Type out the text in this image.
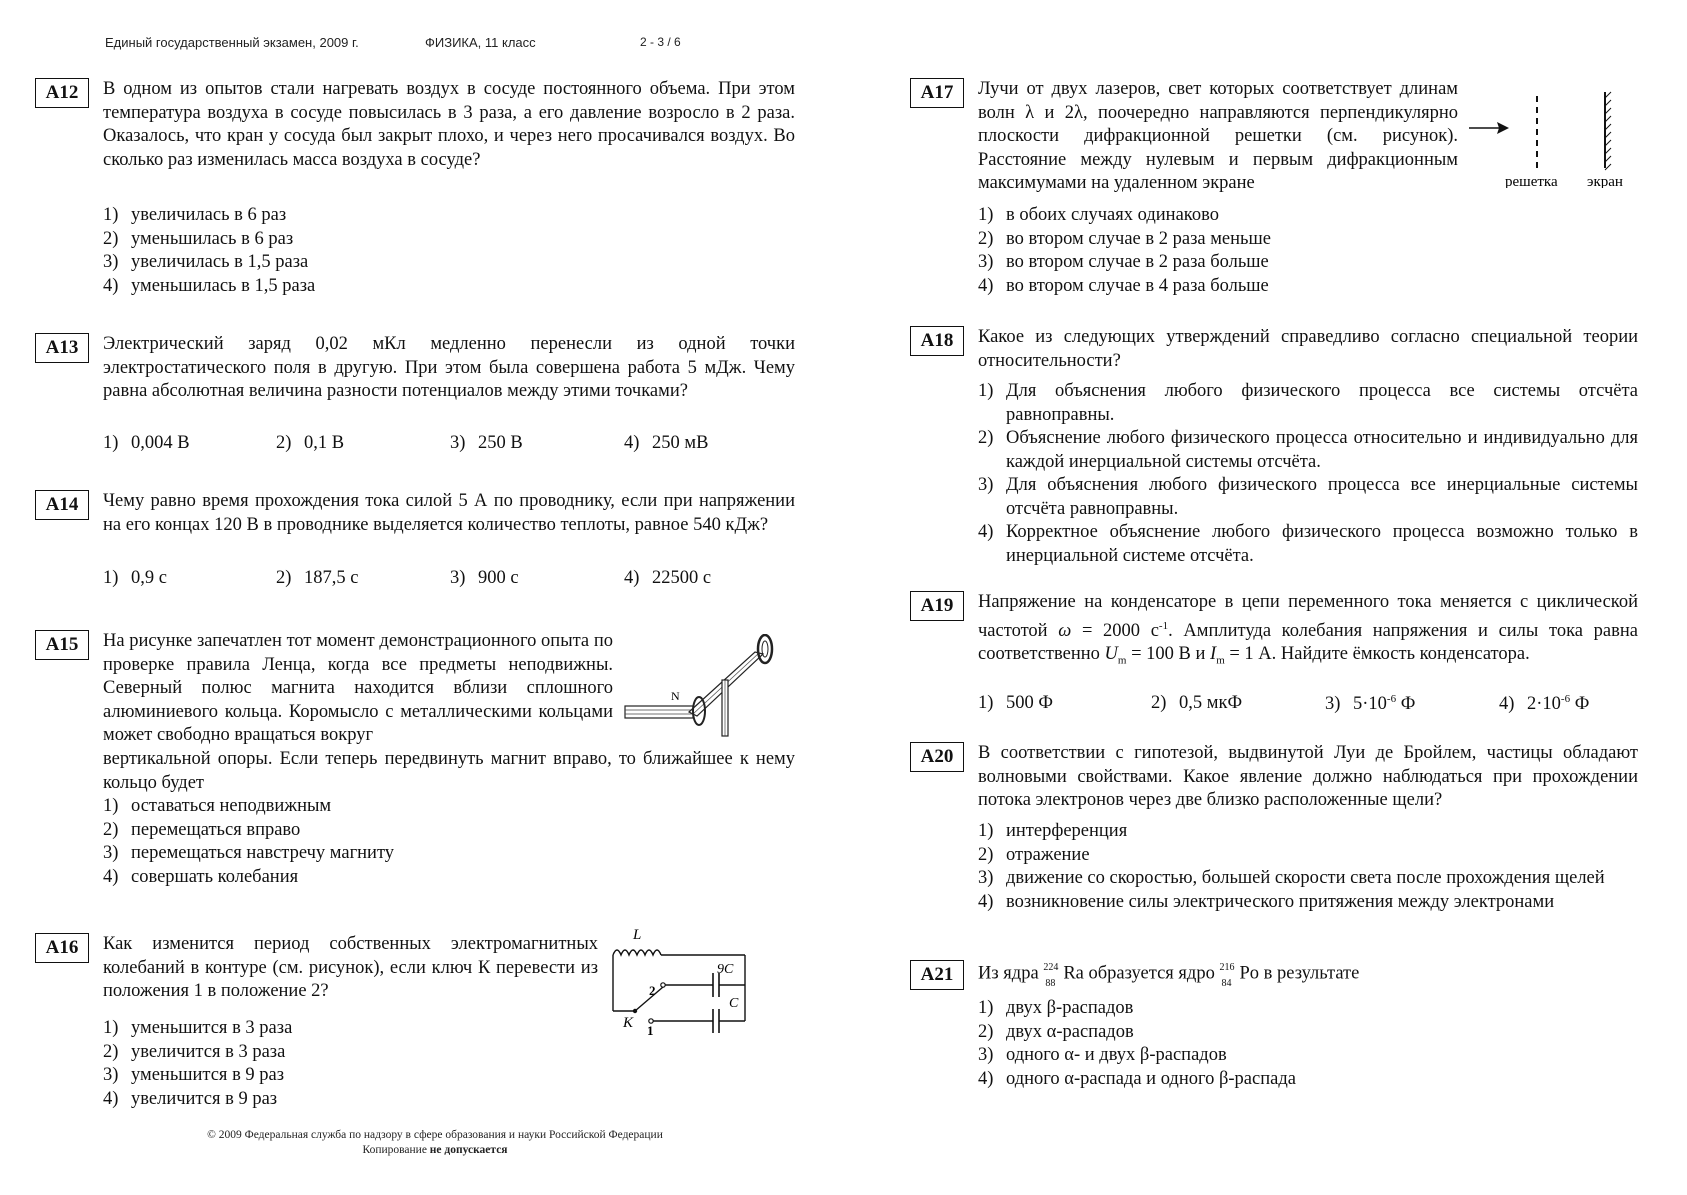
Единый государственный экзамен, 2009 г.	ФИЗИКА, 11 класс	2 - 3 / 6
A12	В одном из опытов стали нагревать воздух в сосуде постоянного объема. При этом температура воздуха в сосуде повысилась в 3 раза, а его давление возросло в 2 раза. Оказалось, что кран у сосуда был закрыт плохо, и через него просачивался воздух. Во сколько раз изменилась масса воздуха в сосуде?
1) увеличилась в 6 раз
2) уменьшилась в 6 раз
3) увеличилась в 1,5 раза
4) уменьшилась в 1,5 раза
A13	Электрический заряд 0,02 мКл медленно перенесли из одной точки электростатического поля в другую. При этом была совершена работа 5 мДж. Чему равна абсолютная величина разности потенциалов между этими точками?
1) 0,004 В	2) 0,1 В	3) 250 В	4) 250 мВ
A14	Чему равно время прохождения тока силой 5 А по проводнику, если при напряжении на его концах 120 В в проводнике выделяется количество теплоты, равное 540 кДж?
1) 0,9 с	2) 187,5 с	3) 900 с	4) 22500 с
A15	На рисунке запечатлен тот момент демонстрационного опыта по проверке правила Ленца, когда все предметы неподвижны. Северный полюс магнита находится вблизи сплошного алюминиевого кольца. Коромысло с металлическими кольцами может свободно вращаться вокруг
вертикальной опоры. Если теперь передвинуть магнит вправо, то ближайшее к нему кольцо будет
N
1) оставаться неподвижным
2) перемещаться вправо
3) перемещаться навстречу магниту
4) совершать колебания
A16	Как изменится период собственных электромагнитных колебаний в контуре (см. рисунок), если ключ К перевести из положения 1 в положение 2?
L
9C
2
C
1
K
1) уменьшится в 3 раза
2) увеличится в 3 раза
3) уменьшится в 9 раз
4) увеличится в 9 раз
© 2009 Федеральная служба по надзору в сфере образования и науки Российской Федерации
Копирование не допускается
A17	Лучи от двух лазеров, свет которых соответствует длинам волн λ и 2λ, поочередно направляются перпендикулярно плоскости дифракционной решетки (см. рисунок). Расстояние между нулевым и первым дифракционным максимумами на удаленном экране	решетка экран
1) в обоих случаях одинаково
2) во втором случае в 2 раза меньше
3) во втором случае в 2 раза больше
4) во втором случае в 4 раза больше
A18	Какое из следующих утверждений справедливо согласно специальной теории относительности?
1) Для объяснения любого физического процесса все системы отсчёта равноправны.
2) Объяснение любого физического процесса относительно и индивидуально для каждой инерциальной системы отсчёта.
3) Для объяснения любого физического процесса все инерциальные системы отсчёта равноправны.
4) Корректное объяснение любого физического процесса возможно только в инерциальной системе отсчёта.
A19	Напряжение на конденсаторе в цепи переменного тока меняется с циклической частотой ω = 2000 $с^{-1}$. Амплитуда колебания напряжения и силы тока равна соответственно $U_m = 100$ В и $I_m = 1$ А. Найдите ёмкость конденсатора.
1) 500 Ф	2) 0,5 мкФ	3) $5\cdot 10^{-6}$ Ф	4) $2\cdot 10^{-6}$ Ф
A20	В соответствии с гипотезой, выдвинутой Луи де Бройлем, частицы обладают волновыми свойствами. Какое явление должно наблюдаться при прохождении потока электронов через две близко расположенные щели?
1) интерференция
2) отражение
3) движение со скоростью, большей скорости света после прохождения щелей
4) возникновение силы электрического притяжения между электронами
A21	Из ядра 224
88
Ra образуется ядро 216
84
Po в результате
1) двух β-распадов
2) двух α-распадов
3) одного α- и двух β-распадов
4) одного α-распада и одного β-распада
